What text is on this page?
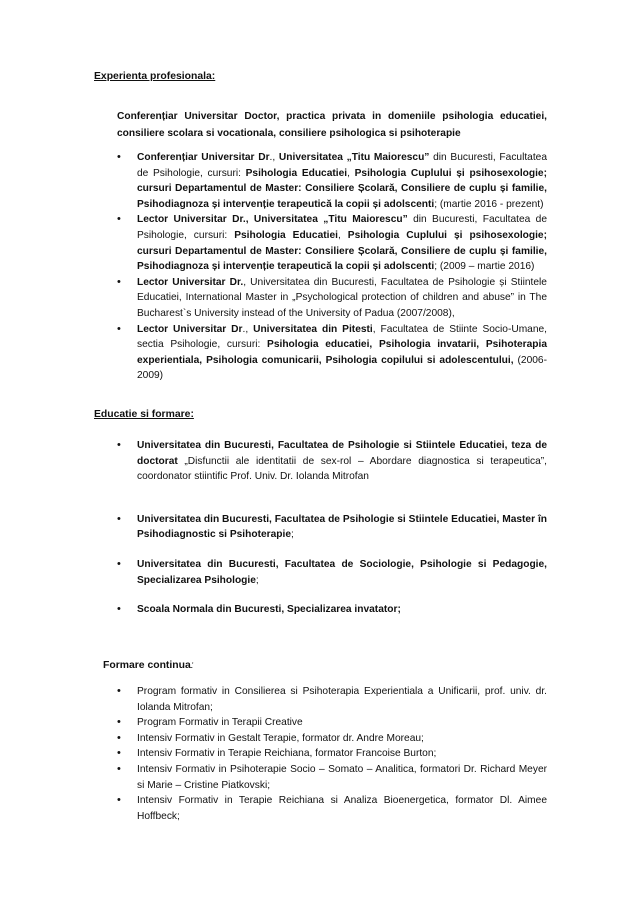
Experienta profesionala:
Conferențiar Universitar Doctor, practica privata in domeniile psihologia educatiei, consiliere scolara si vocationala, consiliere psihologica si psihoterapie
• Conferențiar Universitar Dr., Universitatea „Titu Maiorescu” din Bucuresti, Facultatea de Psihologie, cursuri: Psihologia Educatiei, Psihologia Cuplului și psihosexologie; cursuri Departamentul de Master: Consiliere Școlară, Consiliere de cuplu și familie, Psihodiagnoza și intervenție terapeutică la copii și adolscenti; (martie 2016 - prezent)
• Lector Universitar Dr., Universitatea „Titu Maiorescu” din Bucuresti, Facultatea de Psihologie, cursuri: Psihologia Educatiei, Psihologia Cuplului și psihosexologie; cursuri Departamentul de Master: Consiliere Școlară, Consiliere de cuplu și familie, Psihodiagnoza și intervenție terapeutică la copii și adolscenti; (2009 – martie 2016)
• Lector Universitar Dr., Universitatea din Bucuresti, Facultatea de Psihologie și Stiintele Educatiei, International Master in „Psychological protection of children and abuse” in The Bucharest`s University instead of the University of Padua (2007/2008),
• Lector Universitar Dr., Universitatea din Pitesti, Facultatea de Stiinte Socio-Umane, sectia Psihologie, cursuri: Psihologia educatiei, Psihologia invatarii, Psihoterapia experientiala, Psihologia comunicarii, Psihologia copilului si adolescentului, (2006-2009)
Educatie si formare:
• Universitatea din Bucuresti, Facultatea de Psihologie si Stiintele Educatiei, teza de doctorat „Disfunctii ale identitatii de sex-rol – Abordare diagnostica si terapeutica”, coordonator stiintific Prof. Univ. Dr. Iolanda Mitrofan
• Universitatea din Bucuresti, Facultatea de Psihologie si Stiintele Educatiei, Master în Psihodiagnostic si Psihoterapie;
• Universitatea din Bucuresti, Facultatea de Sociologie, Psihologie si Pedagogie, Specializarea Psihologie;
• Scoala Normala din Bucuresti, Specializarea invatator;
Formare continua:
• Program formativ in Consilierea si Psihoterapia Experientiala a Unificarii, prof. univ. dr. Iolanda Mitrofan;
• Program Formativ in Terapii Creative
• Intensiv Formativ in Gestalt Terapie, formator dr. Andre Moreau;
• Intensiv Formativ in Terapie Reichiana, formator Francoise Burton;
• Intensiv Formativ in Psihoterapie Socio – Somato – Analitica, formatori Dr. Richard Meyer si Marie – Cristine Piatkovski;
• Intensiv Formativ in Terapie Reichiana si Analiza Bioenergetica, formator Dl. Aimee Hoffbeck;
